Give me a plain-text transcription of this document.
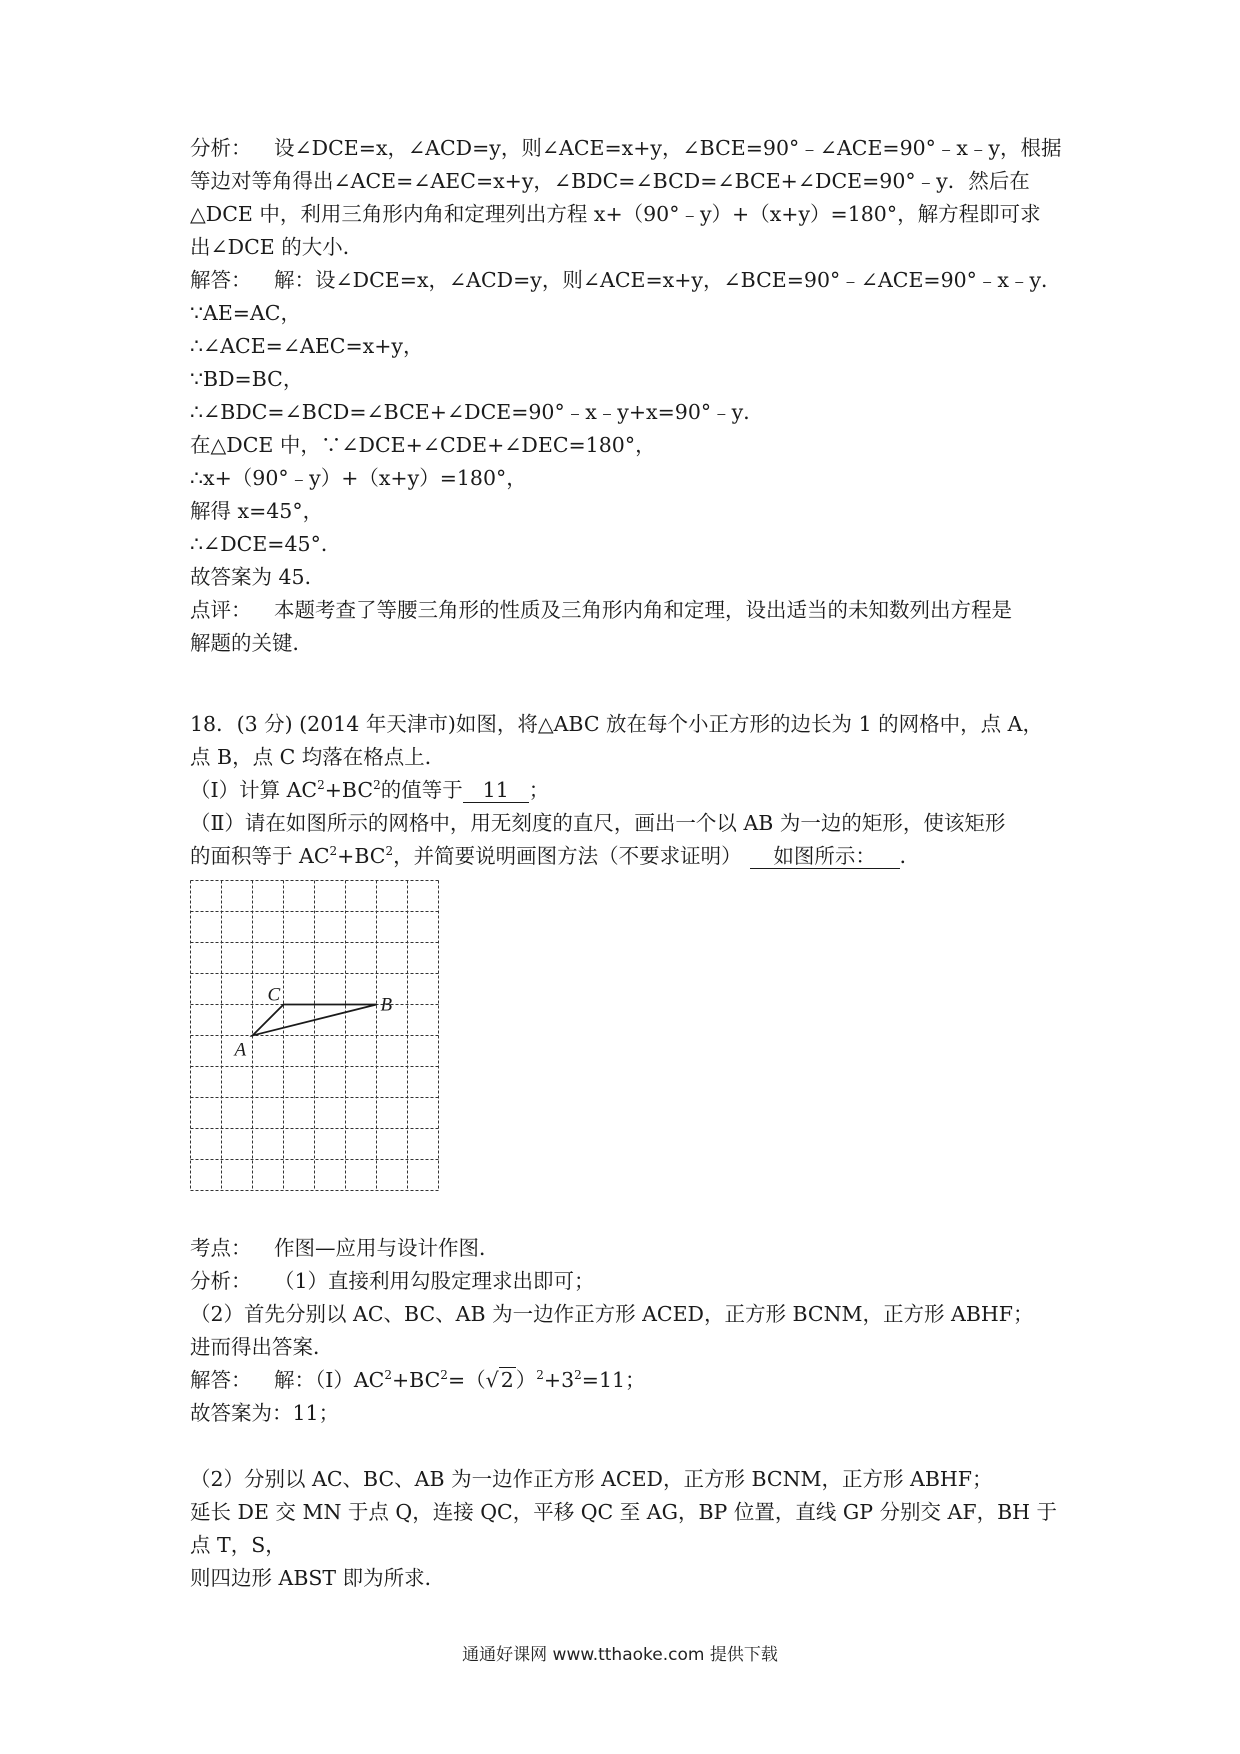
分析： 设∠DCE=x，∠ACD=y，则∠ACE=x+y，∠BCE=90°﹣∠ACE=90°﹣x﹣y，根据
等边对等角得出∠ACE=∠AEC=x+y，∠BDC=∠BCD=∠BCE+∠DCE=90°﹣y．然后在
△DCE 中，利用三角形内角和定理列出方程 x+（90°﹣y）+（x+y）=180°，解方程即可求
出∠DCE 的大小．
解答： 解：设∠DCE=x，∠ACD=y，则∠ACE=x+y，∠BCE=90°﹣∠ACE=90°﹣x﹣y．
∵AE=AC，
∴∠ACE=∠AEC=x+y，
∵BD=BC，
∴∠BDC=∠BCD=∠BCE+∠DCE=90°﹣x﹣y+x=90°﹣y．
在△DCE 中，∵∠DCE+∠CDE+∠DEC=180°，
∴x+（90°﹣y）+（x+y）=180°，
解得 x=45°，
∴∠DCE=45°．
故答案为 45．
点评： 本题考查了等腰三角形的性质及三角形内角和定理，设出适当的未知数列出方程是
解题的关键．
18．(3 分) (2014 年天津市)如图，将△ABC 放在每个小正方形的边长为 1 的网格中，点 A，
点 B，点 C 均落在格点上．
（Ⅰ）计算 $AC^2+BC^2$的值等于 11 ；
（Ⅱ）请在如图所示的网格中，用无刻度的直尺，画出一个以 AB 为一边的矩形，使该矩形
的面积等于 $AC^2+BC^2$，并简要说明画图方法（不要求证明） 如图所示： ．
A
B
C
考点： 作图—应用与设计作图．
分析： （1）直接利用勾股定理求出即可；
（2）首先分别以 AC、BC、AB 为一边作正方形 ACED，正方形 BCNM，正方形 ABHF；
进而得出答案．
解答： 解：$(Ⅰ)AC^2+BC^2=(√2)^2+3^2=11$；
故答案为：11；
（2）分别以 AC、BC、AB 为一边作正方形 ACED，正方形 BCNM，正方形 ABHF；
延长 DE 交 MN 于点 Q，连接 QC，平移 QC 至 AG，BP 位置，直线 GP 分别交 AF，BH 于
点 T，S，
则四边形 ABST 即为所求．
通通好课网 www.tthaoke.com 提供下载
